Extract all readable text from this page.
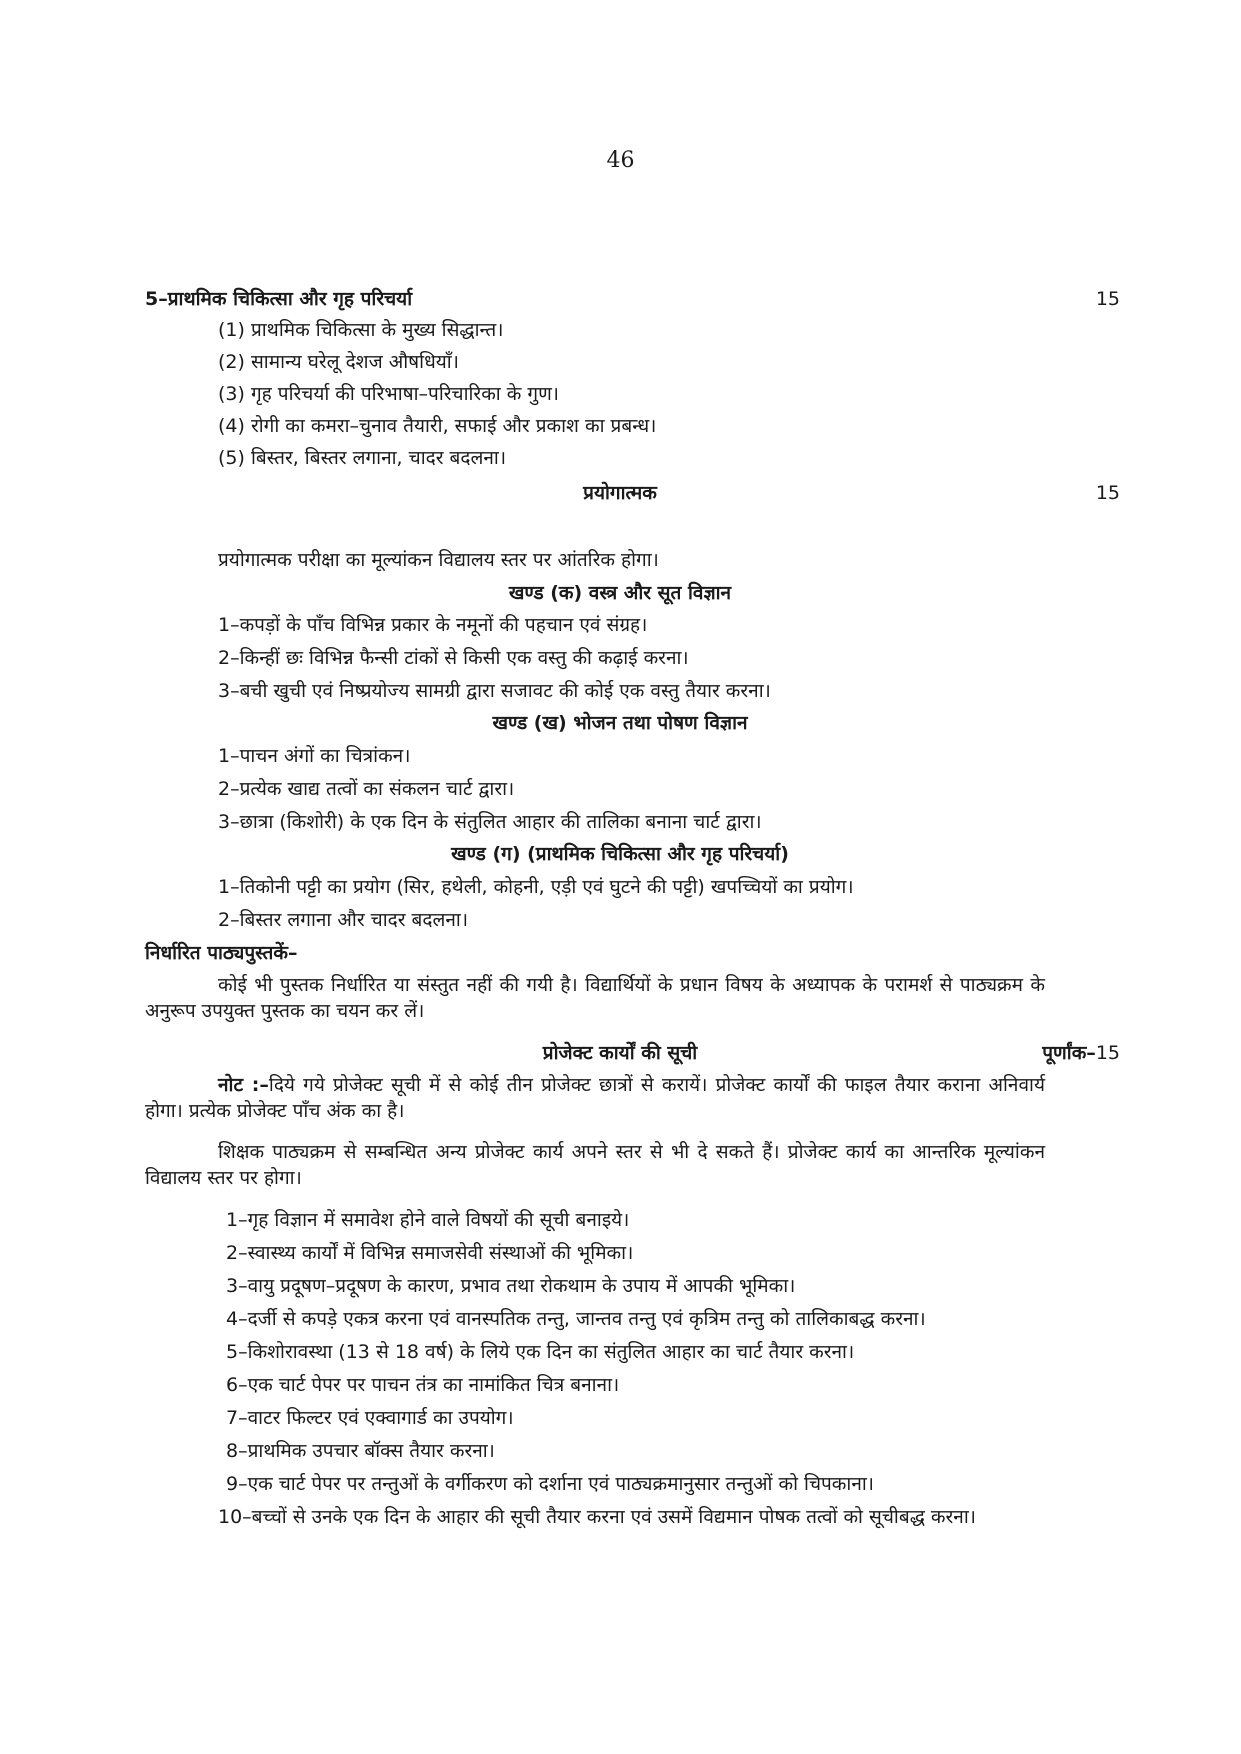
46
5–प्राथमिक चिकित्सा और गृह परिचर्या	15
(1) प्राथमिक चिकित्सा के मुख्य सिद्धान्त।
(2) सामान्य घरेलू देशज औषधियाँ।
(3) गृह परिचर्या की परिभाषा–परिचारिका के गुण।
(4) रोगी का कमरा–चुनाव तैयारी, सफाई और प्रकाश का प्रबन्ध।
(5) बिस्तर, बिस्तर लगाना, चादर बदलना।
प्रयोगात्मक	15
प्रयोगात्मक परीक्षा का मूल्यांकन विद्यालय स्तर पर आंतरिक होगा।
खण्ड (क) वस्त्र और सूत विज्ञान
1–कपड़ों के पाँच विभिन्न प्रकार के नमूनों की पहचान एवं संग्रह।
2–किन्हीं छः विभिन्न फैन्सी टांकों से किसी एक वस्तु की कढ़ाई करना।
3–बची खुची एवं निष्प्रयोज्य सामग्री द्वारा सजावट की कोई एक वस्तु तैयार करना।
खण्ड (ख) भोजन तथा पोषण विज्ञान
1–पाचन अंगों का चित्रांकन।
2–प्रत्येक खाद्य तत्वों का संकलन चार्ट द्वारा।
3–छात्रा (किशोरी) के एक दिन के संतुलित आहार की तालिका बनाना चार्ट द्वारा।
खण्ड (ग) (प्राथमिक चिकित्सा और गृह परिचर्या)
1–तिकोनी पट्टी का प्रयोग (सिर, हथेली, कोहनी, एड़ी एवं घुटने की पट्टी) खपच्चियों का प्रयोग।
2–बिस्तर लगाना और चादर बदलना।
निर्धारित पाठ्यपुस्तकें–
कोई भी पुस्तक निर्धारित या संस्तुत नहीं की गयी है। विद्यार्थियों के प्रधान विषय के अध्यापक के परामर्श से पाठ्यक्रम के अनुरूप उपयुक्त पुस्तक का चयन कर लें।
प्रोजेक्ट कार्यों की सूची	पूर्णांक–15
नोट :–दिये गये प्रोजेक्ट सूची में से कोई तीन प्रोजेक्ट छात्रों से करायें। प्रोजेक्ट कार्यों की फाइल तैयार कराना अनिवार्य होगा। प्रत्येक प्रोजेक्ट पाँच अंक का है।
शिक्षक पाठ्यक्रम से सम्बन्धित अन्य प्रोजेक्ट कार्य अपने स्तर से भी दे सकते हैं। प्रोजेक्ट कार्य का आन्तरिक मूल्यांकन विद्यालय स्तर पर होगा।
1–गृह विज्ञान में समावेश होने वाले विषयों की सूची बनाइये।
2–स्वास्थ्य कार्यों में विभिन्न समाजसेवी संस्थाओं की भूमिका।
3–वायु प्रदूषण–प्रदूषण के कारण, प्रभाव तथा रोकथाम के उपाय में आपकी भूमिका।
4–दर्जी से कपड़े एकत्र करना एवं वानस्पतिक तन्तु, जान्तव तन्तु एवं कृत्रिम तन्तु को तालिकाबद्ध करना।
5–किशोरावस्था (13 से 18 वर्ष) के लिये एक दिन का संतुलित आहार का चार्ट तैयार करना।
6–एक चार्ट पेपर पर पाचन तंत्र का नामांकित चित्र बनाना।
7–वाटर फिल्टर एवं एक्वागार्ड का उपयोग।
8–प्राथमिक उपचार बॉक्स तैयार करना।
9–एक चार्ट पेपर पर तन्तुओं के वर्गीकरण को दर्शाना एवं पाठ्यक्रमानुसार तन्तुओं को चिपकाना।
10–बच्चों से उनके एक दिन के आहार की सूची तैयार करना एवं उसमें विद्यमान पोषक तत्वों को सूचीबद्ध करना।
